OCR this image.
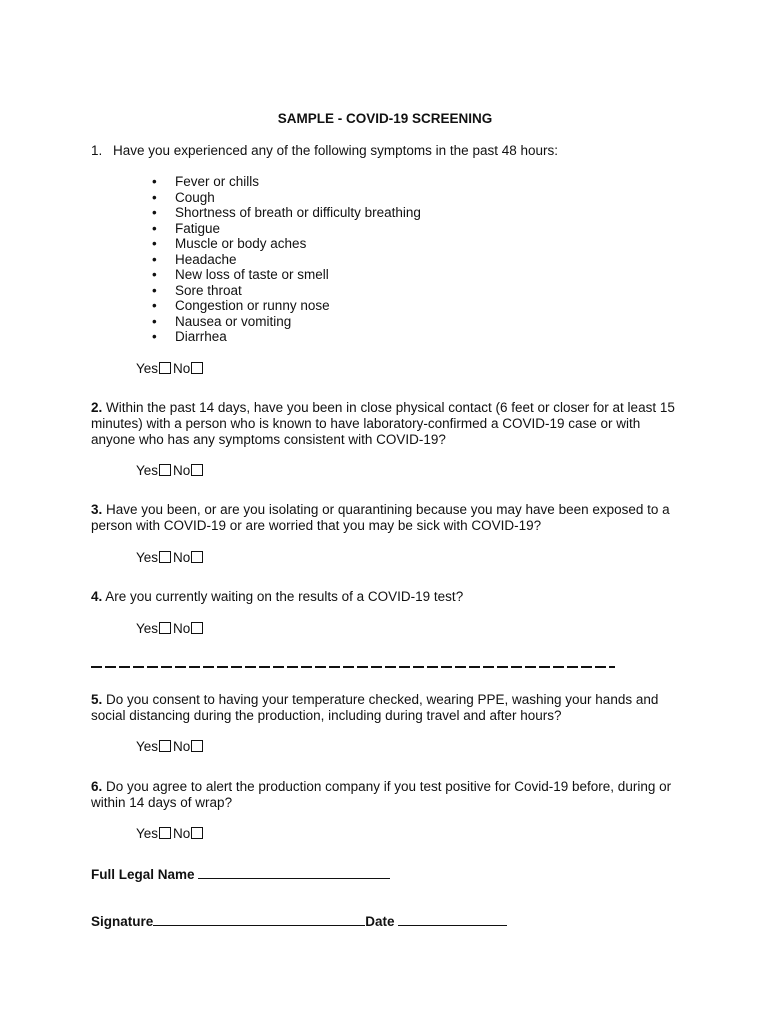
SAMPLE - COVID-19 SCREENING
1. Have you experienced any of the following symptoms in the past 48 hours:
• Fever or chills
• Cough
• Shortness of breath or difficulty breathing
• Fatigue
• Muscle or body aches
• Headache
• New loss of taste or smell
• Sore throat
• Congestion or runny nose
• Nausea or vomiting
• Diarrhea
Yes No
2. Within the past 14 days, have you been in close physical contact (6 feet or closer for at least 15 minutes) with a person who is known to have laboratory-confirmed a COVID-19 case or with anyone who has any symptoms consistent with COVID-19?
Yes No
3. Have you been, or are you isolating or quarantining because you may have been exposed to a person with COVID-19 or are worried that you may be sick with COVID-19?
Yes No
4. Are you currently waiting on the results of a COVID-19 test?
Yes No
5. Do you consent to having your temperature checked, wearing PPE, washing your hands and social distancing during the production, including during travel and after hours?
Yes No
6. Do you agree to alert the production company if you test positive for Covid-19 before, during or within 14 days of wrap?
Yes No
Full Legal Name
Signature	Date
